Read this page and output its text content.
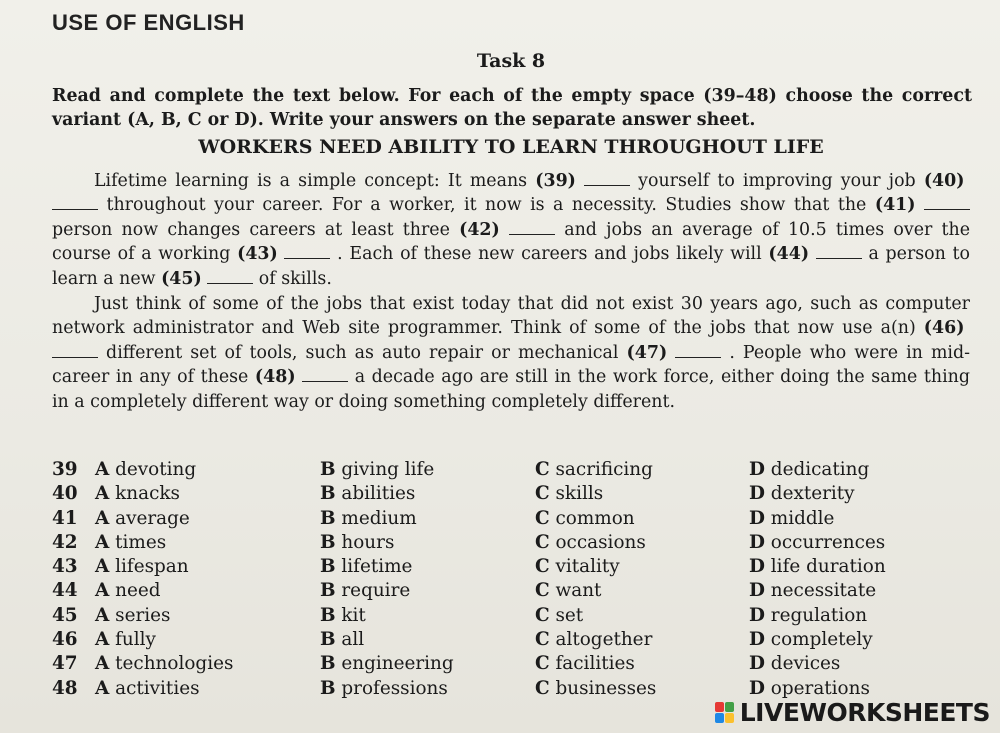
USE OF ENGLISH
Task 8
Read and complete the text below. For each of the empty space (39–48) choose the correct variant (A, B, C or D). Write your answers on the separate answer sheet.
WORKERS NEED ABILITY TO LEARN THROUGHOUT LIFE
Lifetime learning is a simple concept: It means (39)	yourself to improving your job (40)  throughout your career. For a worker, it now is a necessity. Studies show that the (41)  person now changes careers at least three (42)	and jobs an average of 10.5 times over the course of a working (43)	. Each of these new careers and jobs likely will (44)	a person to learn a new (45)	of skills.
Just think of some of the jobs that exist today that did not exist 30 years ago, such as computer network administrator and Web site programmer. Think of some of the jobs that now use a(n) (46)  different set of tools, such as auto repair or mechanical (47)	. People who were in mid-career in any of these (48)	a decade ago are still in the work force, either doing the same thing in a completely different way or doing something completely different.
39 A devoting	B giving life	C sacrificing	D dedicating
40 A knacks	B abilities	C skills	D dexterity
41 A average	B medium	C common	D middle
42 A times	B hours	C occasions	D occurrences
43 A lifespan	B lifetime	C vitality	D life duration
44 A need	B require	C want	D necessitate
45 A series	B kit	C set	D regulation
46 A fully	B all	C altogether	D completely
47 A technologies	B engineering	C facilities	D devices
48 A activities	B professions	C businesses	D operations
LIVEWORKSHEETS
